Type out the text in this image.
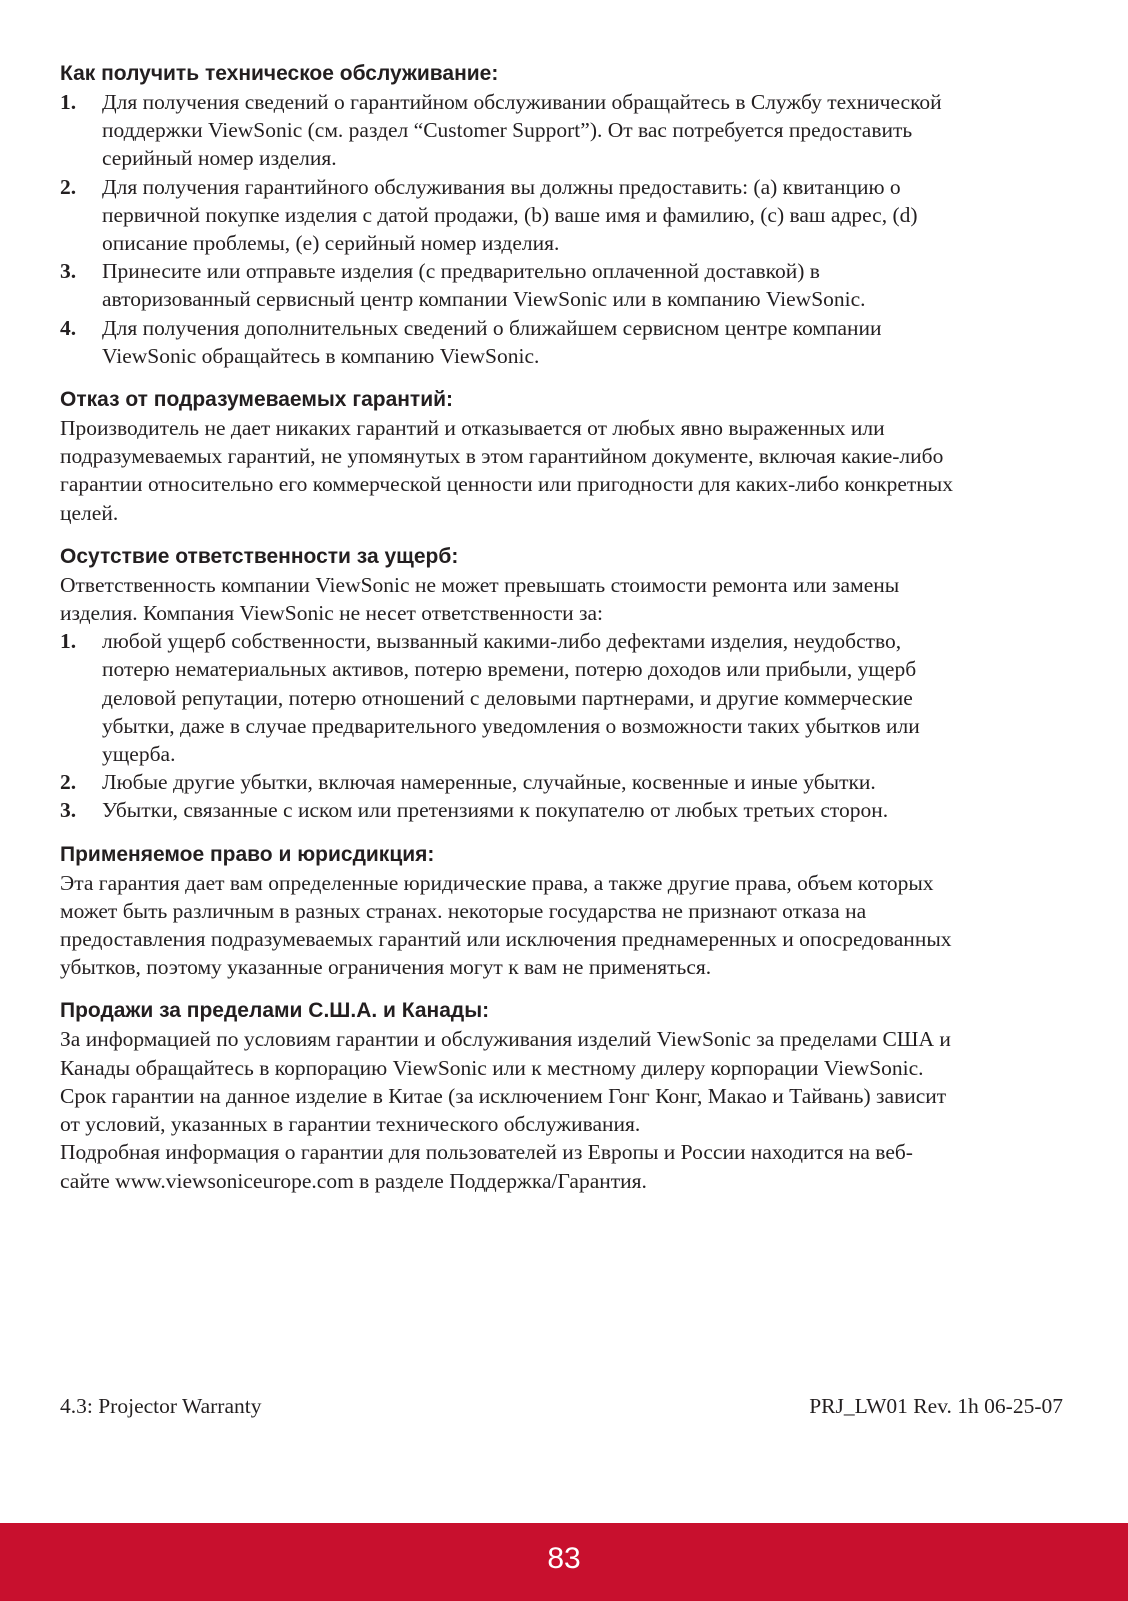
Как получить техническое обслуживание:
1. Для получения сведений о гарантийном обслуживании обращайтесь в Службу технической
поддержки ViewSonic (см. раздел “Customer Support”). От вас потребуется предоставить
серийный номер изделия.
2. Для получения гарантийного обслуживания вы должны предоставить: (a) квитанцию о
первичной покупке изделия с датой продажи, (b) ваше имя и фамилию, (c) ваш адрес, (d)
описание проблемы, (e) серийный номер изделия.
3. Принесите или отправьте изделия (с предварительно оплаченной доставкой) в
авторизованный сервисный центр компании ViewSonic или в компанию ViewSonic.
4. Для получения дополнительных сведений о ближайшем сервисном центре компании
ViewSonic обращайтесь в компанию ViewSonic.
Отказ от подразумеваемых гарантий:

Производитель не дает никаких гарантий и отказывается от любых явно выраженных или
подразумеваемых гарантий, не упомянутых в этом гарантийном документе, включая какие-либо
гарантии относительно его коммерческой ценности или пригодности для каких-либо конкретных
целей.

Осутствие ответственности за ущерб:

Ответственность компании ViewSonic не может превышать стоимости ремонта или замены
изделия. Компания ViewSonic не несет ответственности за:

1. любой ущерб собственности, вызванный какими-либо дефектами изделия, неудобство,
потерю нематериальных активов, потерю времени, потерю доходов или прибыли, ущерб
деловой репутации, потерю отношений с деловыми партнерами, и другие коммерческие
убытки, даже в случае предварительного уведомления о возможности таких убытков или
ущерба.
2. Любые другие убытки, включая намеренные, случайные, косвенные и иные убытки.
3. Убытки, связанные с иском или претензиями к покупателю от любых третьих сторон.
Применяемое право и юрисдикция:

Эта гарантия дает вам определенные юридические права, а также другие права, объем которых
может быть различным в разных странах. некоторые государства не признают отказа на
предоставления подразумеваемых гарантий или исключения преднамеренных и опосредованных
убытков, поэтому указанные ограничения могут к вам не применяться.

Продажи за пределами С.Ш.А. и Канады:

За информацией по условиям гарантии и обслуживания изделий ViewSonic за пределами США и
Канады обращайтесь в корпорацию ViewSonic или к местному дилеру корпорации ViewSonic.
Срок гарантии на данное изделие в Китае (за исключением Гонг Конг, Макао и Тайвань) зависит
от условий, указанных в гарантии технического обслуживания.
Подробная информация о гарантии для пользователей из Европы и России находится на веб-
сайте www.viewsoniceurope.com в разделе Поддержка/Гарантия.

4.3: Projector Warranty	PRJ_LW01 Rev. 1h 06-25-07
83
